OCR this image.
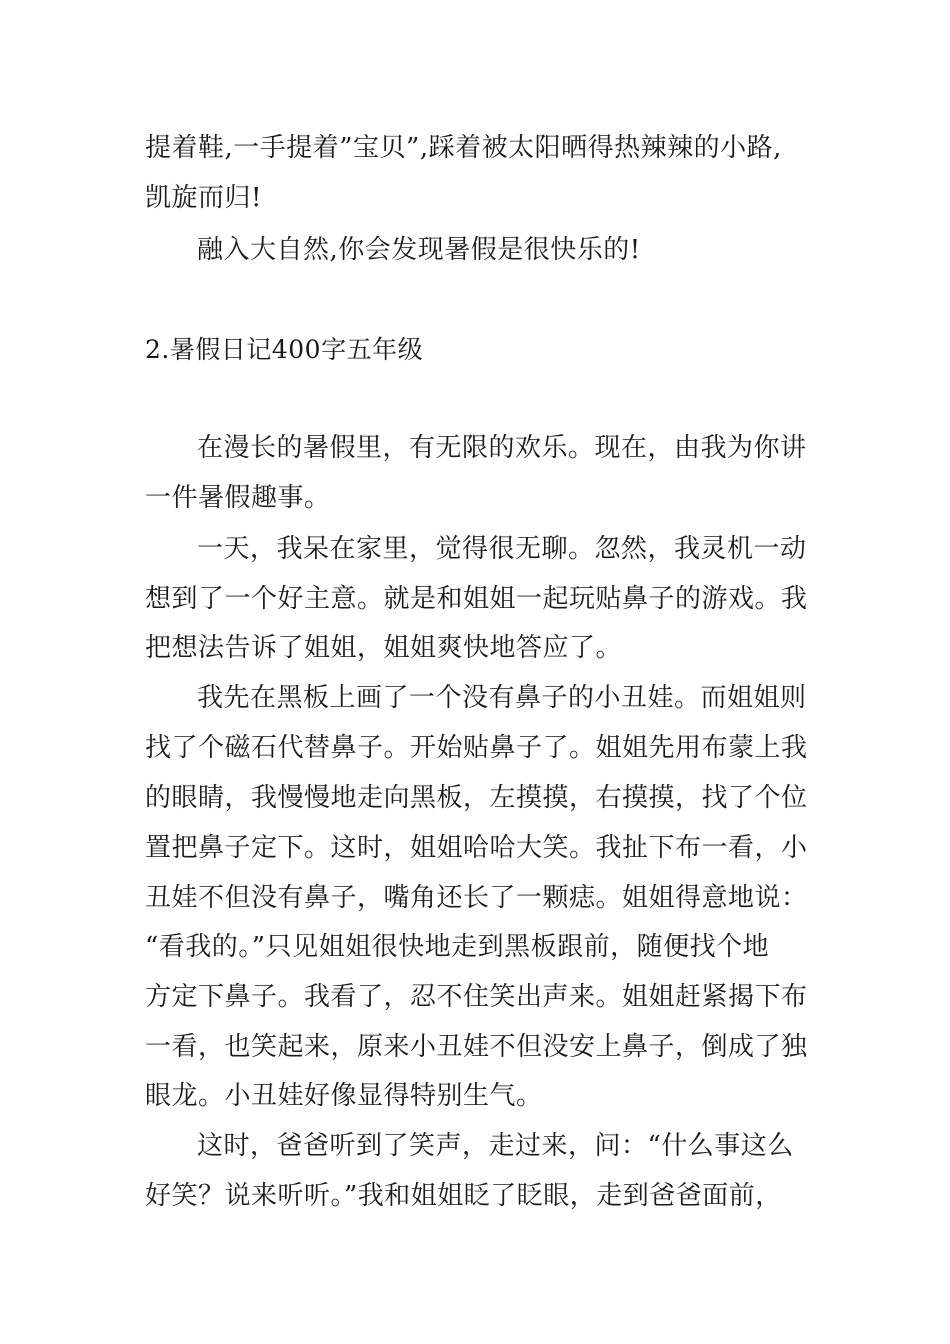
提着鞋,一手提着”宝贝”,踩着被太阳晒得热辣辣的小路,
凯旋而归!
融入大自然,你会发现暑假是很快乐的!
2.暑假日记400字五年级
在漫长的暑假里，有无限的欢乐。现在，由我为你讲
一件暑假趣事。
一天，我呆在家里，觉得很无聊。忽然，我灵机一动
想到了一个好主意。就是和姐姐一起玩贴鼻子的游戏。我
把想法告诉了姐姐，姐姐爽快地答应了。
我先在黑板上画了一个没有鼻子的小丑娃。而姐姐则
找了个磁石代替鼻子。开始贴鼻子了。姐姐先用布蒙上我
的眼睛，我慢慢地走向黑板，左摸摸，右摸摸，找了个位
置把鼻子定下。这时，姐姐哈哈大笑。我扯下布一看，小
丑娃不但没有鼻子，嘴角还长了一颗痣。姐姐得意地说：
“看我的。”只见姐姐很快地走到黑板跟前，随便找个地
方定下鼻子。我看了，忍不住笑出声来。姐姐赶紧揭下布
一看，也笑起来，原来小丑娃不但没安上鼻子，倒成了独
眼龙。小丑娃好像显得特别生气。
这时，爸爸听到了笑声，走过来，问：“什么事这么
好笑？说来听听。”我和姐姐眨了眨眼，走到爸爸面前，
